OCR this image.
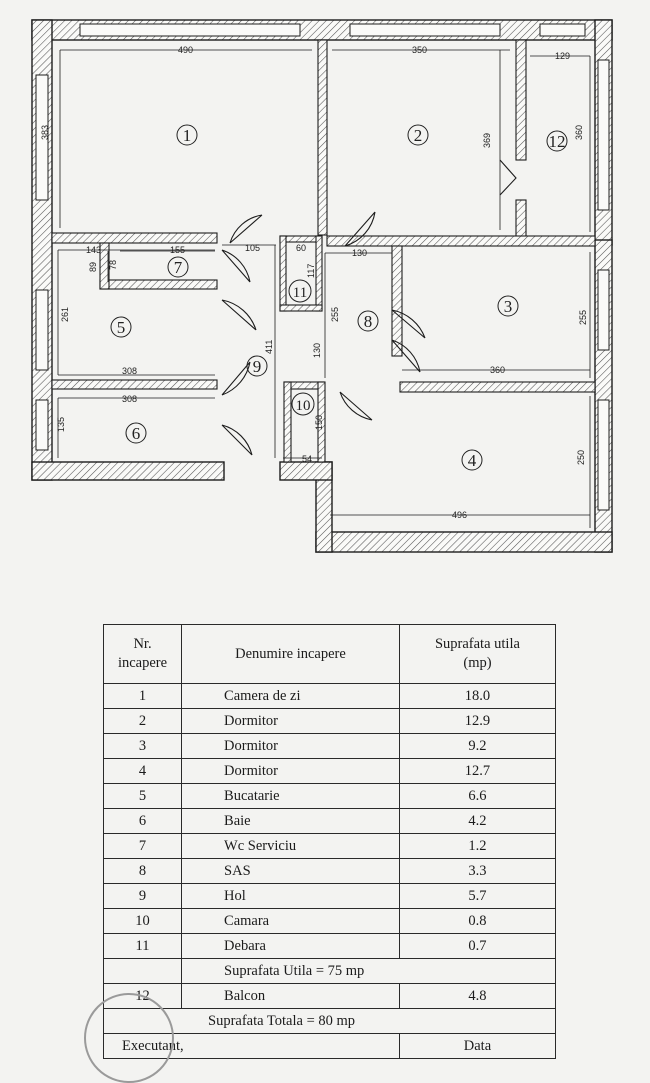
490
383
350
369
129
360
143	155
89 78
261
308
308
135
105	60
117
130
255
411	130
150
54
360
255
250
496
1	2
3
4
5
6
7
8
9
10
11
12
Nr.
incapere	Denumire incapere	Suprafata utila
(mp)
1	Camera de zi	18.0
2	Dormitor	12.9
3	Dormitor	9.2
4	Dormitor	12.7
5	Bucatarie	6.6
6	Baie	4.2
7	Wc Serviciu	1.2
8	SAS	3.3
9	Hol	5.7
10	Camara	0.8
11	Debara	0.7
	Suprafata Utila = 75 mp	
12	Balcon	4.8
Suprafata Totala = 80 mp		
Executant,		Data
